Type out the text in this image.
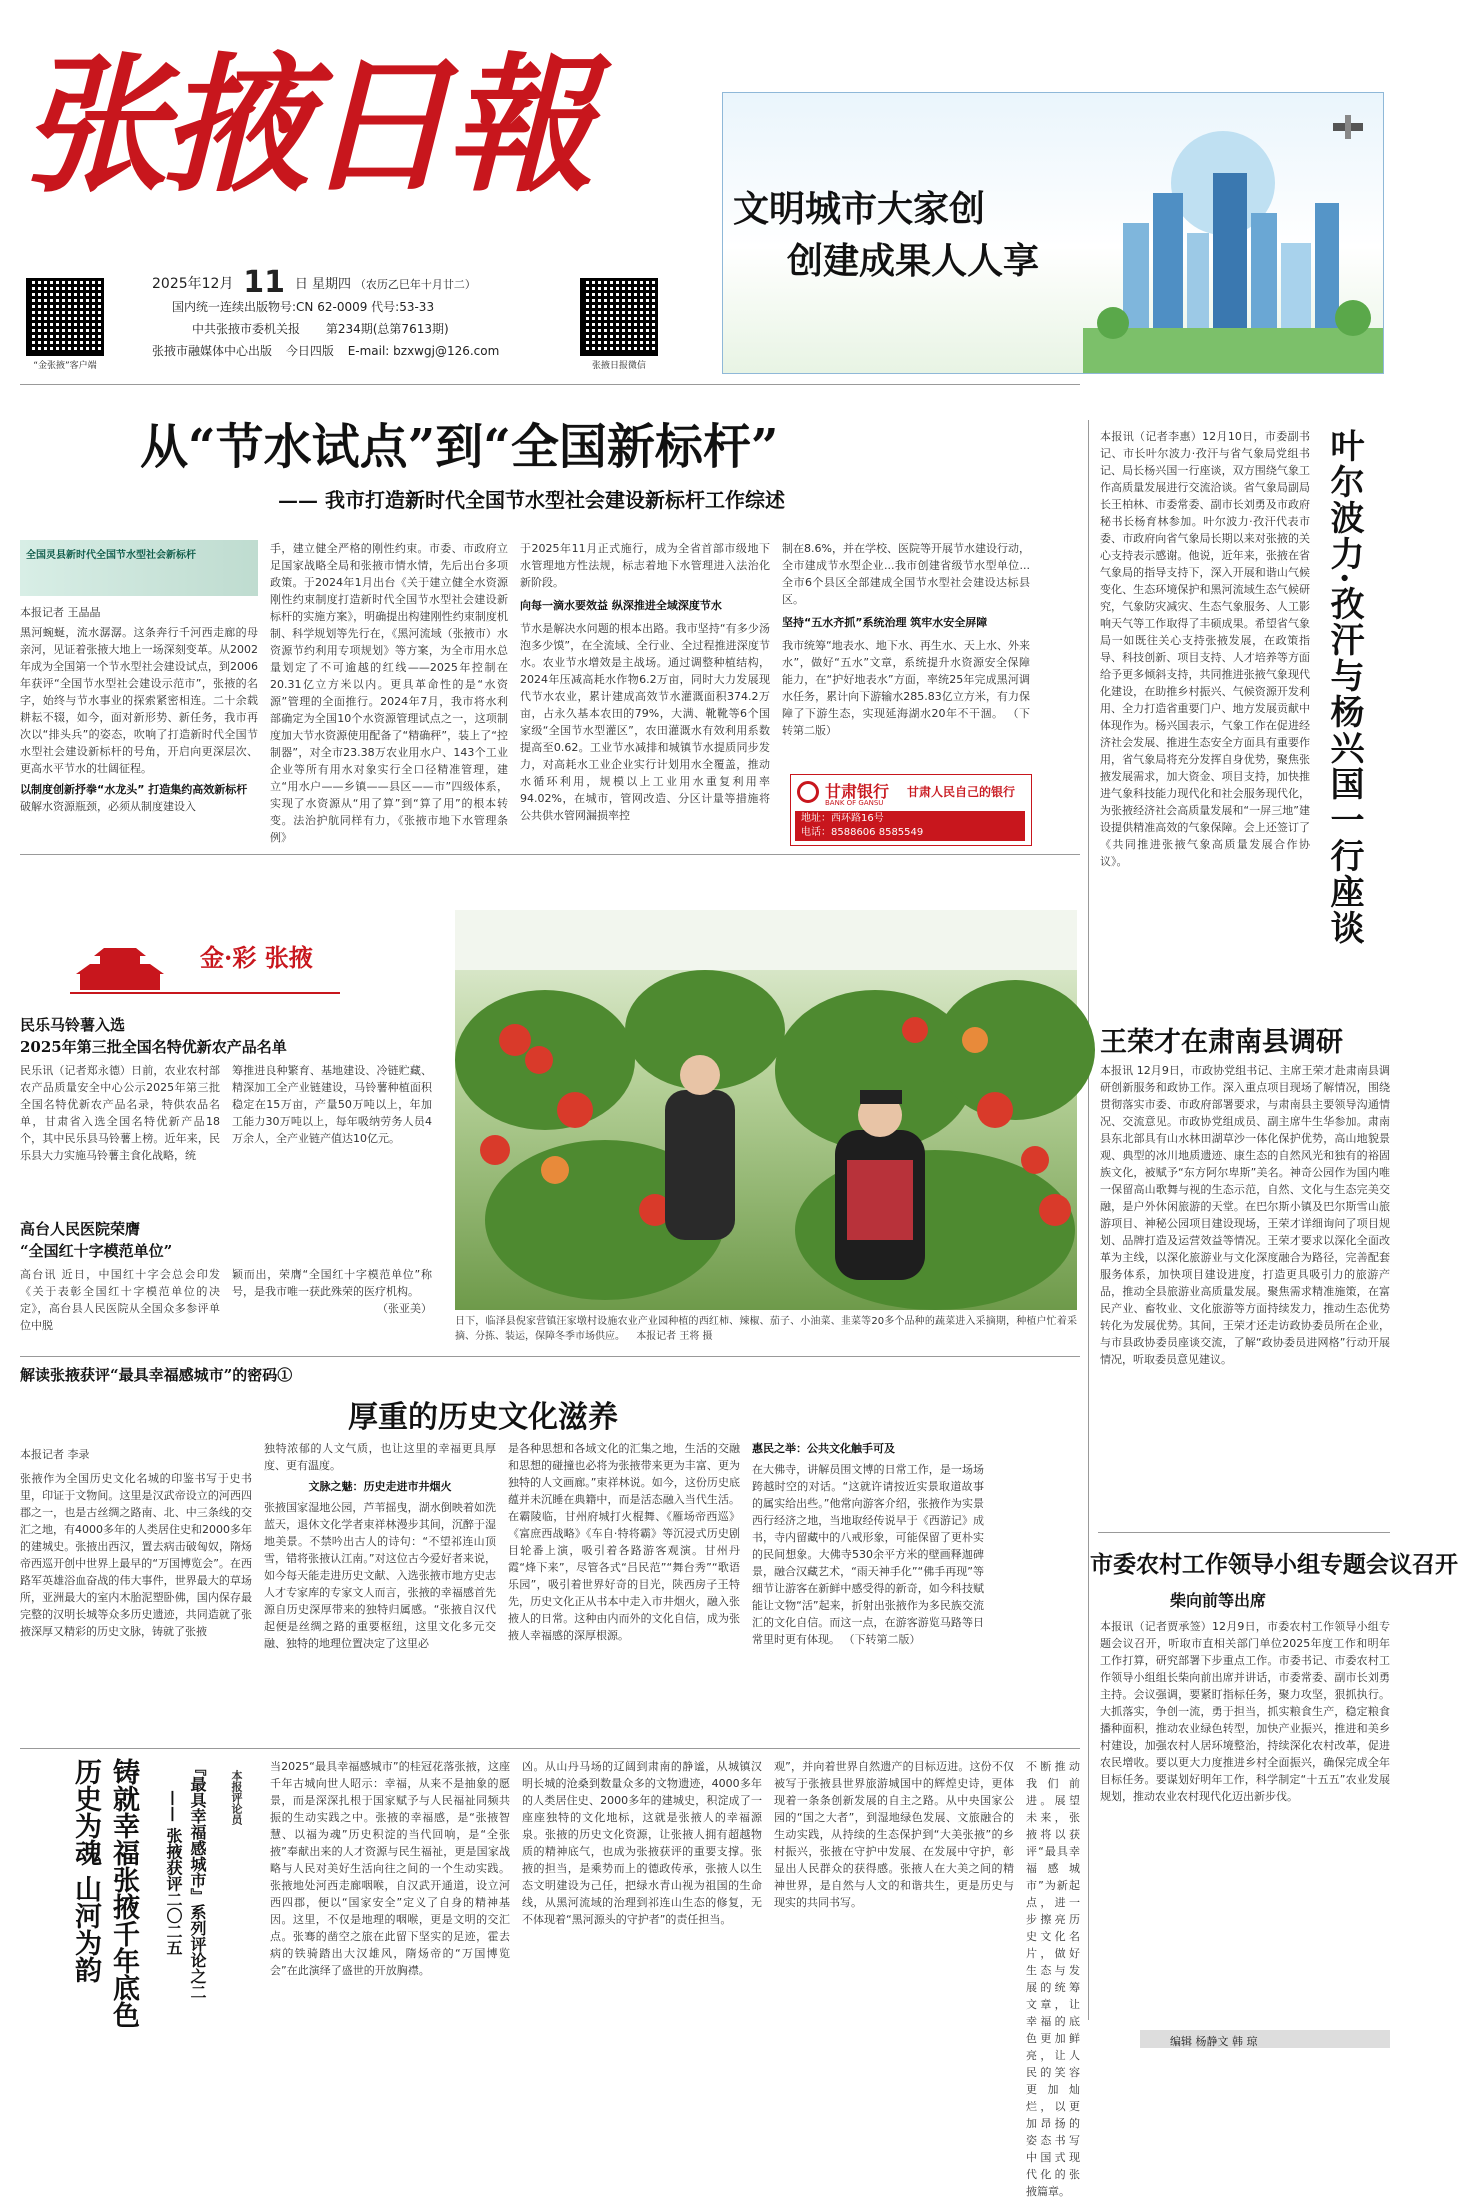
张掖日報
“金张掖”客户端
2025年12月 11 日 星期四 （农历乙巳年十月廿二）
国内统一连续出版物号:CN 62-0009 代号:53-33
中共张掖市委机关报 第234期(总第7613期)
张掖市融媒体中心出版 今日四版 E-mail: bzxwgj@126.com
张掖日报微信
文明城市大家创
创建成果人人享
从“节水试点”到“全国新标杆”
—— 我市打造新时代全国节水型社会建设新标杆工作综述
全国灵县新时代全国节水型社会新标杆
本报记者 王晶晶
黑河蜿蜒，流水潺潺。这条奔行千河西走廊的母亲河，见证着张掖大地上一场深刻变革。从2002年成为全国第一个节水型社会建设试点，到2006年获评“全国节水型社会建设示范市”，张掖的名字，始终与节水事业的探索紧密相连。二十余载耕耘不辍，如今，面对新形势、新任务，我市再次以“排头兵”的姿态，吹响了打造新时代全国节水型社会建设新标杆的号角，开启向更深层次、更高水平节水的壮阔征程。
以制度创新抒拳“水龙头” 打造集约高效新标杆
破解水资源瓶颈，必须从制度建设入
手，建立健全严格的刚性约束。市委、市政府立足国家战略全局和张掖市情水情，先后出台多项政策。于2024年1月出台《关于建立健全水资源刚性约束制度打造新时代全国节水型社会建设新标杆的实施方案》，明确提出构建刚性约束制度机制、科学规划等先行在，《黑河流域（张掖市）水资源节约利用专项规划》等方案，为全市用水总量划定了不可逾越的红线——2025年控制在20.31亿立方米以内。更具革命性的是“水资源”管理的全面推行。2024年7月，我市将水利部确定为全国10个水资源管理试点之一，这项制度加大节水资源使用配备了“精确秤”，装上了“控制器”，对全市23.38万农业用水户、143个工业企业等所有用水对象实行全口径精准管理，建立“用水户——乡镇——县区——市”四级体系，实现了水资源从“用了算”到“算了用”的根本转变。法治护航同样有力，《张掖市地下水管理条例》
于2025年11月正式施行，成为全省首部市级地下水管理地方性法规，标志着地下水管理进入法治化新阶段。
向每一滴水要效益 纵深推进全域深度节水
节水是解决水问题的根本出路。我市坚持“有多少汤泡多少馍”，在全流域、全行业、全过程推进深度节水。农业节水增效是主战场。通过调整种植结构，2024年压减高耗水作物6.2万亩，同时大力发展现代节水农业，累计建成高效节水灌溉面积374.2万亩，占永久基本农田的79%，大满、靴靴等6个国家级“全国节水型灌区”，农田灌溉水有效利用系数提高至0.62。工业节水减排和城镇节水提质同步发力，对高耗水工业企业实行计划用水全覆盖，推动水循环利用，规模以上工业用水重复利用率94.02%，在城市，管网改造、分区计量等措施将公共供水管网漏损率控
制在8.6%，并在学校、医院等开展节水建设行动，全市建成节水型企业...我市创建省级节水型单位...全市6个县区全部建成全国节水型社会建设达标县区。
坚持“五水齐抓”系统治理 筑牢水安全屏障
我市统筹“地表水、地下水、再生水、天上水、外来水”，做好“五水”文章，系统提升水资源安全保障能力，在“护好地表水”方面，率统25年完成黑河调水任务，累计向下游输水285.83亿立方米，有力保障了下游生态，实现延海湖水20年不干涸。 （下转第二版）
甘肃银行
BANK OF GANSU
甘肃人民自己的银行
地址：西环路16号
电话：8588606 8585549	叶尔波力·孜汗与杨兴国一行座谈
本报讯（记者李惠）12月10日，市委副书记、市长叶尔波力·孜汗与省气象局党组书记、局长杨兴国一行座谈，双方围绕气象工作高质量发展进行交流洽谈。省气象局副局长王柏林、市委常委、副市长刘勇及市政府秘书长杨育林参加。叶尔波力·孜汗代表市委、市政府向省气象局长期以来对张掖的关心支持表示感谢。他说，近年来，张掖在省气象局的指导支持下，深入开展和谐山气候变化、生态环境保护和黑河流域生态气候研究，气象防灾减灾、生态气象服务、人工影响天气等工作取得了丰硕成果。希望省气象局一如既往关心支持张掖发展，在政策指导、科技创新、项目支持、人才培养等方面给予更多倾斜支持，共同推进张掖气象现代化建设，在助推乡村振兴、气候资源开发利用、全力打造省重要门户、地方发展贡献中体现作为。杨兴国表示，气象工作在促进经济社会发展、推进生态安全方面具有重要作用，省气象局将充分发挥自身优势，聚焦张掖发展需求，加大资金、项目支持，加快推进气象科技能力现代化和社会服务现代化，为张掖经济社会高质量发展和“一屏三地”建设提供精准高效的气象保障。会上还签订了《共同推进张掖气象高质量发展合作协议》。
王荣才在肃南县调研
本报讯 12月9日，市政协党组书记、主席王荣才赴肃南县调研创新服务和政协工作。深入重点项目现场了解情况，围绕贯彻落实市委、市政府部署要求，与肃南县主要领导沟通情况、交流意见。市政协党组成员、副主席牛生华参加。肃南县东北部具有山水林田湖草沙一体化保护优势，高山地貌景观、典型的冰川地质遗迹、康生态的自然风光和独有的裕固族文化，被赋予“东方阿尔卑斯”美名。神奇公园作为国内唯一保留高山歌舞与视的生态示范，自然、文化与生态完美交融，是户外休闲旅游的天堂。在巴尔斯小镇及巴尔斯雪山旅游项目、神秘公园项目建设现场，王荣才详细询问了项目规划、品牌打造及运营效益等情况。王荣才要求以深化全面改革为主线，以深化旅游业与文化深度融合为路径，完善配套服务体系，加快项目建设进度，打造更具吸引力的旅游产品，推动全县旅游业高质量发展。聚焦需求精准施策，在富民产业、畜牧业、文化旅游等方面持续发力，推动生态优势转化为发展优势。其间，王荣才还走访政协委员所在企业，与市县政协委员座谈交流，了解“政协委员进网格”行动开展情况，听取委员意见建议。
市委农村工作领导小组专题会议召开
柴向前等出席
本报讯（记者贾承签）12月9日，市委农村工作领导小组专题会议召开，听取市直相关部门单位2025年度工作和明年工作打算，研究部署下步重点工作。市委书记、市委农村工作领导小组组长柴向前出席并讲话，市委常委、副市长刘勇主持。会议强调，要紧盯指标任务，聚力攻坚，狠抓执行。大抓落实，争创一流，勇于担当，抓实粮食生产，稳定粮食播种面积，推动农业绿色转型，加快产业振兴，推进和美乡村建设，加强农村人居环境整治，持续深化农村改革，促进农民增收。要以更大力度推进乡村全面振兴，确保完成全年目标任务。要谋划好明年工作，科学制定“十五五”农业发展规划，推动农业农村现代化迈出新步伐。
金·彩 张掖
民乐马铃薯入选
2025年第三批全国名特优新农产品名单
民乐讯（记者郑永德）日前，农业农村部农产品质量安全中心公示2025年第三批全国名特优新农产品名录，特供农品名单，甘肃省入选全国名特优新产品18个，其中民乐县马铃薯上榜。近年来，民乐县大力实施马铃薯主食化战略，统
筹推进良种繁育、基地建设、冷链贮藏、精深加工全产业链建设，马铃薯种植面积稳定在15万亩，产量50万吨以上，年加工能力30万吨以上，每年吸纳劳务人员4万余人，全产业链产值达10亿元。
高台人民医院荣膺
“全国红十字模范单位”
高台讯 近日，中国红十字会总会印发《关于表彰全国红十字模范单位的决定》，高台县人民医院从全国众多参评单位中脱
颖而出，荣膺“全国红十字模范单位”称号，是我市唯一获此殊荣的医疗机构。
（张亚美）
日下，临泽县倪家营镇汪家墩村设施农业产业园种植的西红柿、辣椒、茄子、小油菜、韭菜等20多个品种的蔬菜进入采摘期，种植户忙着采摘、分拣、装运，保障冬季市场供应。 本报记者 王将 摄
解读张掖获评“最具幸福感城市”的密码①
厚重的历史文化滋养
本报记者 李录
张掖作为全国历史文化名城的印鉴书写于史书里，印证于文物间。这里是汉武帝设立的河西四郡之一，也是古丝绸之路南、北、中三条线的交汇之地，有4000多年的人类居住史和2000多年的建城史。张掖出西汉，置去病击破匈奴，隋炀帝西巡开创中世界上最早的“万国博览会”。在西路军英雄浴血奋战的伟大事件，世界最大的草场所，亚洲最大的室内木胎泥塑卧佛，国内保存最完整的汉明长城等众多历史遗迹，共同造就了张掖深厚又精彩的历史文脉，铸就了张掖
独特浓郁的人文气质，也让这里的幸福更具厚度、更有温度。
文脉之魅：历史走进市井烟火
张掖国家湿地公园，芦苇摇曳，湖水倒映着如洗蓝天，退休文化学者束祥林漫步其间，沉醉于湿地美景。不禁吟出古人的诗句：“不望祁连山顶雪，错将张掖认江南。”对这位古今爱好者来说，如今每天能走进历史文献、入选张掖市地方史志人才专家库的专家文人而言，张掖的幸福感首先源自历史深厚带来的独特归属感。“张掖自汉代起便是丝绸之路的重要枢纽，这里文化多元交融、独特的地理位置决定了这里必
是各种思想和各域文化的汇集之地，生活的交融和思想的碰撞也必将为张掖带来更为丰富、更为独特的人文画廊。”束祥林说。如今，这份历史底蕴并未沉睡在典籍中，而是活态融入当代生活。在霸陵临，甘州府城打火棍舞、《雁场帝西巡》《富庶西战略》《车自·特将霸》等沉浸式历史剧目轮番上演，吸引着各路游客观演。甘州丹霞“烽下来”，尽管各式“吕民范”“舞台秀”“歌语乐园”，吸引着世界好奇的目光，陕西房子王特先，历史文化正从书本中走入市井烟火，融入张掖人的日常。这种由内而外的文化自信，成为张掖人幸福感的深厚根源。
惠民之举：公共文化触手可及
在大佛寺，讲解员围文博的日常工作，是一场场跨越时空的对话。“这就许请按近实景取道故事的属实给出些。”他常向游客介绍，张掖作为实景西行经济之地，当地取经传说早于《西游记》成书，寺内留藏中的八戒形象，可能保留了更朴实的民间想象。大佛寺530余平方米的壁画释迦碑景，融合汉藏艺术，“雨天神手化”“佛手再现”等细节让游客在新鲜中感受得的新奇，如今科技赋能让文物“活”起来，折射出张掖作为多民族交流汇的文化自信。而这一点，在游客游览马路等日常里时更有体现。 （下转第二版）
铸就幸福张掖千年底色
历史为魂 山河为韵	『最具幸福感城市』系列评论之二
—— 张掖获评二〇二五	本报评论员
当2025“最具幸福感城市”的桂冠花落张掖，这座千年古城向世人昭示：幸福，从来不是抽象的愿景，而是深深扎根于国家赋予与人民福祉同频共振的生动实践之中。张掖的幸福感，是“张掖智慧、以福为魂”历史积淀的当代回响，是“全张掖”奉献出来的人才资源与民生福祉，更是国家战略与人民对美好生活向往之间的一个生动实践。张掖地处河西走廊咽喉，自汉武开通道，设立河西四郡，便以“国家安全”定义了自身的精神基因。这里，不仅是地理的咽喉，更是文明的交汇点。张骞的凿空之旅在此留下坚实的足迹，霍去病的铁骑踏出大汉雄风，隋炀帝的“万国博览会”在此演绎了盛世的开放胸襟。
凶。从山丹马场的辽阔到肃南的静谧，从城镇汉明长城的沧桑到数量众多的文物遗迹，4000多年的人类居住史、2000多年的建城史，积淀成了一座座独特的文化地标，这就是张掖人的幸福源泉。张掖的历史文化资源，让张掖人拥有超越物质的精神底气，也成为张掖获评的重要支撑。张掖的担当，是乘势而上的德政传承，张掖人以生态文明建设为己任，把绿水青山视为祖国的生命线，从黑河流域的治理到祁连山生态的修复，无不体现着“黑河源头的守护者”的责任担当。
观”，并向着世界自然遗产的目标迈进。这份不仅被写于张掖县世界旅游城国中的辉煌史诗，更体现着一条条创新发展的自主之路。从中央国家公园的“国之大者”，到湿地绿色发展、文旅融合的生动实践，从持续的生态保护到“大美张掖”的乡村振兴，张掖在守护中发展、在发展中守护，彰显出人民群众的获得感。张掖人在大美之间的精神世界，是自然与人文的和谐共生，更是历史与现实的共同书写。
不断推动我们前进。展望未来，张掖将以获评“最具幸福感城市”为新起点，进一步擦亮历史文化名片，做好生态与发展的统筹文章，让幸福的底色更加鲜亮，让人民的笑容更加灿烂，以更加昂扬的姿态书写中国式现代化的张掖篇章。
编辑 杨静文 韩 琼
